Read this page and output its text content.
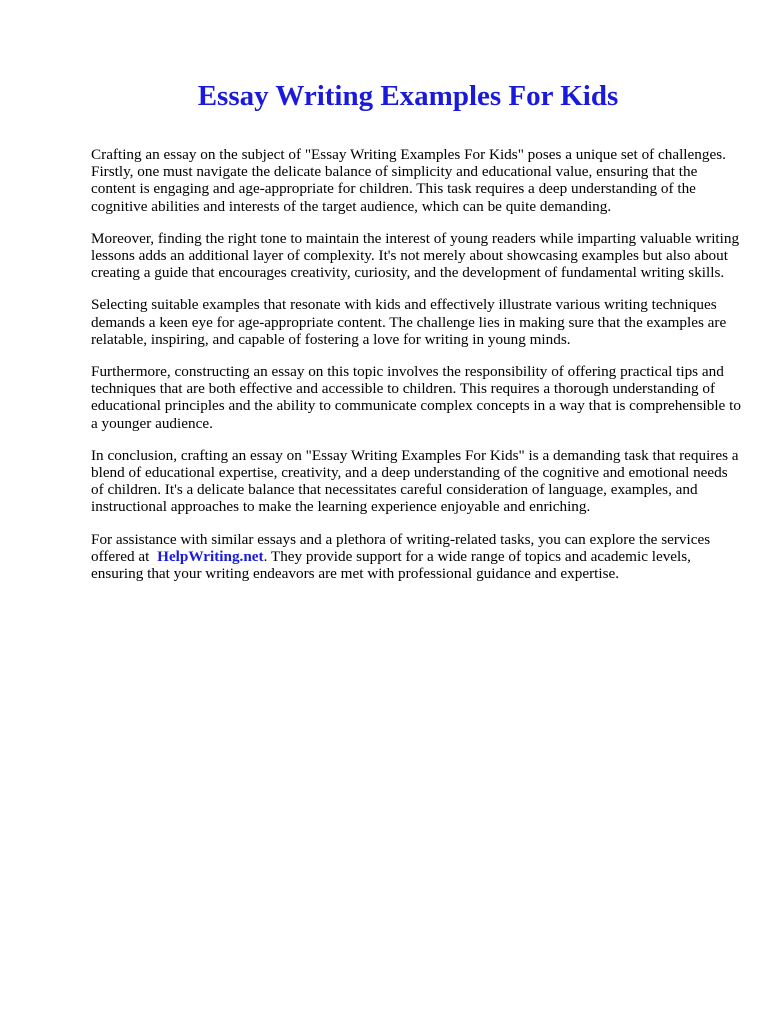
Essay Writing Examples For Kids

Crafting an essay on the subject of "Essay Writing Examples For Kids" poses a unique set of challenges. Firstly, one must navigate the delicate balance of simplicity and educational value, ensuring that the content is engaging and age-appropriate for children. This task requires a deep understanding of the cognitive abilities and interests of the target audience, which can be quite demanding.

Moreover, finding the right tone to maintain the interest of young readers while imparting valuable writing lessons adds an additional layer of complexity. It's not merely about showcasing examples but also about creating a guide that encourages creativity, curiosity, and the development of fundamental writing skills.

Selecting suitable examples that resonate with kids and effectively illustrate various writing techniques demands a keen eye for age-appropriate content. The challenge lies in making sure that the examples are relatable, inspiring, and capable of fostering a love for writing in young minds.

Furthermore, constructing an essay on this topic involves the responsibility of offering practical tips and techniques that are both effective and accessible to children. This requires a thorough understanding of educational principles and the ability to communicate complex concepts in a way that is comprehensible to a younger audience.

In conclusion, crafting an essay on "Essay Writing Examples For Kids" is a demanding task that requires a blend of educational expertise, creativity, and a deep understanding of the cognitive and emotional needs of children. It's a delicate balance that necessitates careful consideration of language, examples, and instructional approaches to make the learning experience enjoyable and enriching.

For assistance with similar essays and a plethora of writing-related tasks, you can explore the services offered at HelpWriting.net. They provide support for a wide range of topics and academic levels, ensuring that your writing endeavors are met with professional guidance and expertise.
